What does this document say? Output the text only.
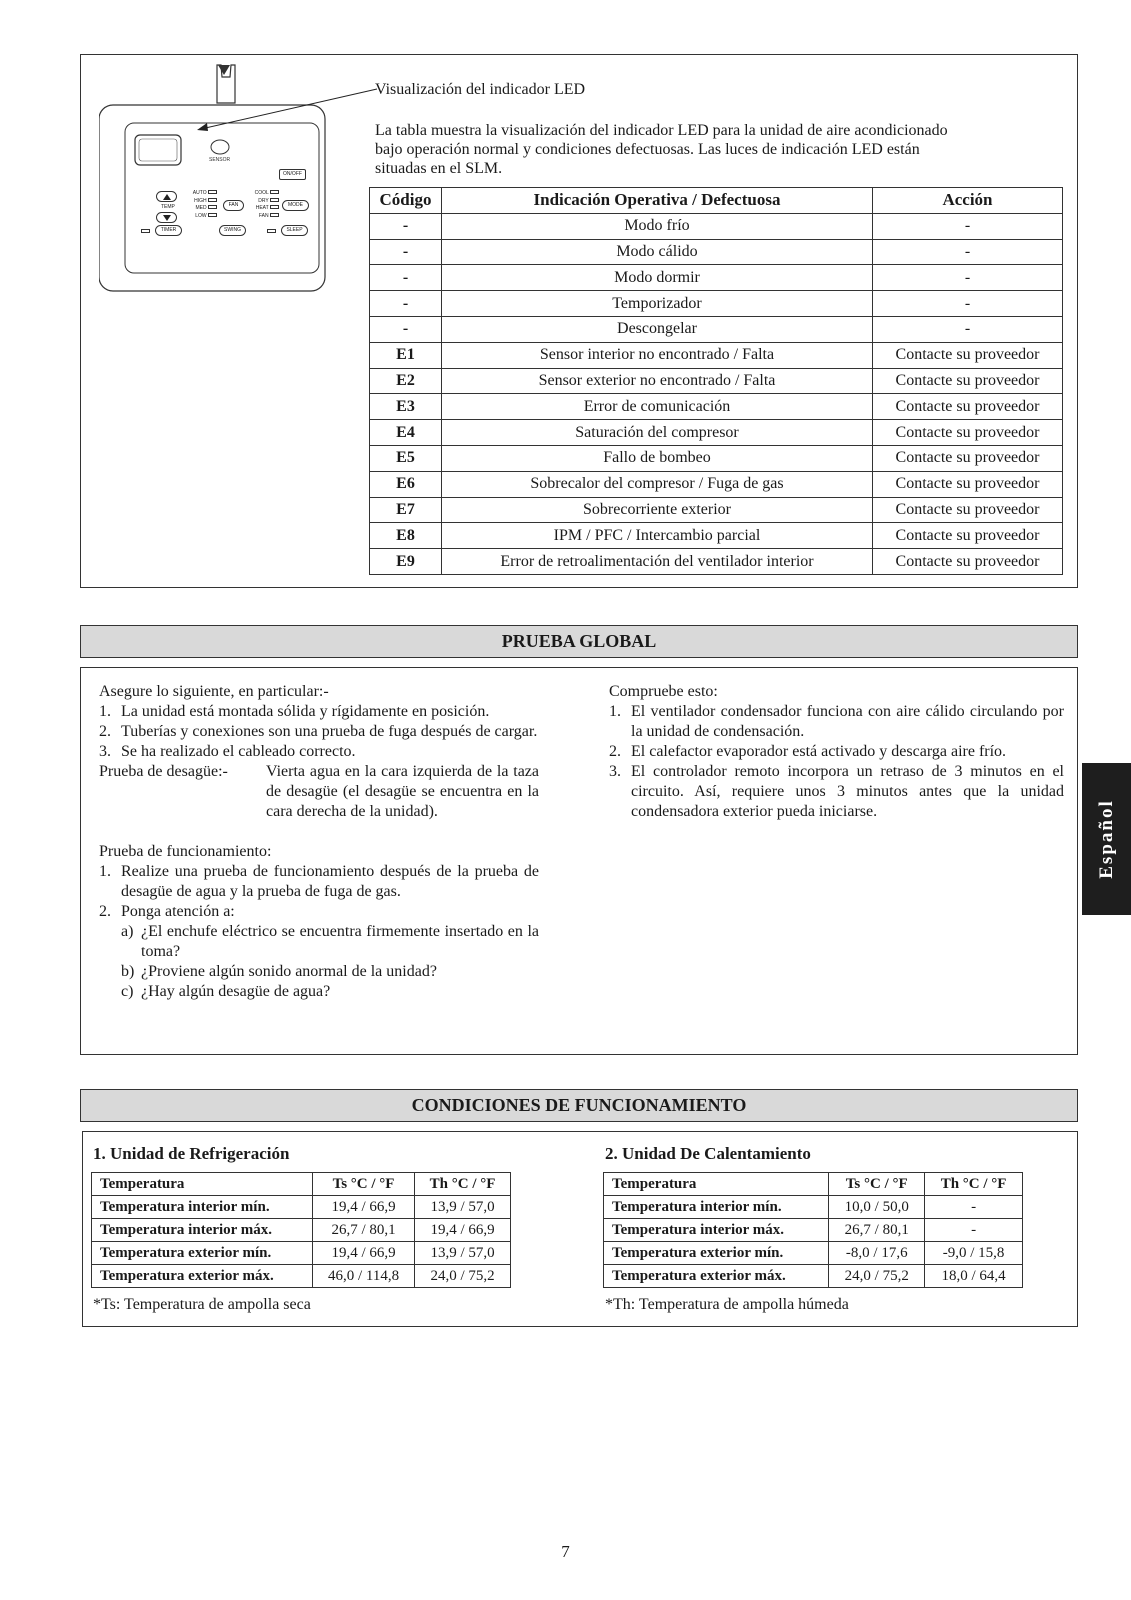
SENSOR
ON/OFF
TEMP
AUTO
HIGH
MED
LOW
FAN
COOL
DRY
HEAT
FAN
MODE
TIMER	SWING	SLEEP
Visualización del indicador LED
La tabla muestra la visualización del indicador LED para la unidad de aire acondicionado bajo operación normal y condiciones defectuosas. Las luces de indicación LED están situadas en el SLM.
Código	Indicación Operativa / Defectuosa	Acción
-	Modo frío	-
-	Modo cálido	-
-	Modo dormir	-
-	Temporizador	-
-	Descongelar	-
E1	Sensor interior no encontrado / Falta	Contacte su proveedor
E2	Sensor exterior no encontrado / Falta	Contacte su proveedor
E3	Error de comunicación	Contacte su proveedor
E4	Saturación del compresor	Contacte su proveedor
E5	Fallo de bombeo	Contacte su proveedor
E6	Sobrecalor del compresor / Fuga de gas	Contacte su proveedor
E7	Sobrecorriente exterior	Contacte su proveedor
E8	IPM / PFC / Intercambio parcial	Contacte su proveedor
E9	Error de retroalimentación del ventilador interior	Contacte su proveedor
PRUEBA GLOBAL
Asegure lo siguiente, en particular:-
1. La unidad está montada sólida y rígidamente en posición.
2. Tuberías y conexiones son una prueba de fuga después de cargar.
3. Se ha realizado el cableado correcto.
Prueba de desagüe:-	Vierta agua en la cara izquierda de la taza de desagüe (el desagüe se encuentra en la cara derecha de la unidad).
Prueba de funcionamiento:
1. Realize una prueba de funcionamiento después de la prueba de desagüe de agua y la prueba de fuga de gas.
2. Ponga atención a:
a) ¿El enchufe eléctrico se encuentra firmemente insertado en la toma?
b) ¿Proviene algún sonido anormal de la unidad?
c) ¿Hay algún desagüe de agua?
Compruebe esto:
1. El ventilador condensador funciona con aire cálido circulando por la unidad de condensación.
2. El calefactor evaporador está activado y descarga aire frío.
3. El controlador remoto incorpora un retraso de 3 minutos en el circuito. Así, requiere unos 3 minutos antes que la unidad condensadora exterior pueda iniciarse.
CONDICIONES DE FUNCIONAMIENTO
1. Unidad de Refrigeración
Temperatura	Ts °C / °F	Th °C / °F
Temperatura interior mín.	19,4 / 66,9	13,9 / 57,0
Temperatura interior máx.	26,7 / 80,1	19,4 / 66,9
Temperatura exterior mín.	19,4 / 66,9	13,9 / 57,0
Temperatura exterior máx.	46,0 / 114,8	24,0 / 75,2
*Ts: Temperatura de ampolla seca
2. Unidad De Calentamiento
Temperatura	Ts °C / °F	Th °C / °F
Temperatura interior mín.	10,0 / 50,0	-
Temperatura interior máx.	26,7 / 80,1	-
Temperatura exterior mín.	-8,0 / 17,6	-9,0 / 15,8
Temperatura exterior máx.	24,0 / 75,2	18,0 / 64,4
*Th: Temperatura de ampolla húmeda
Español
7
